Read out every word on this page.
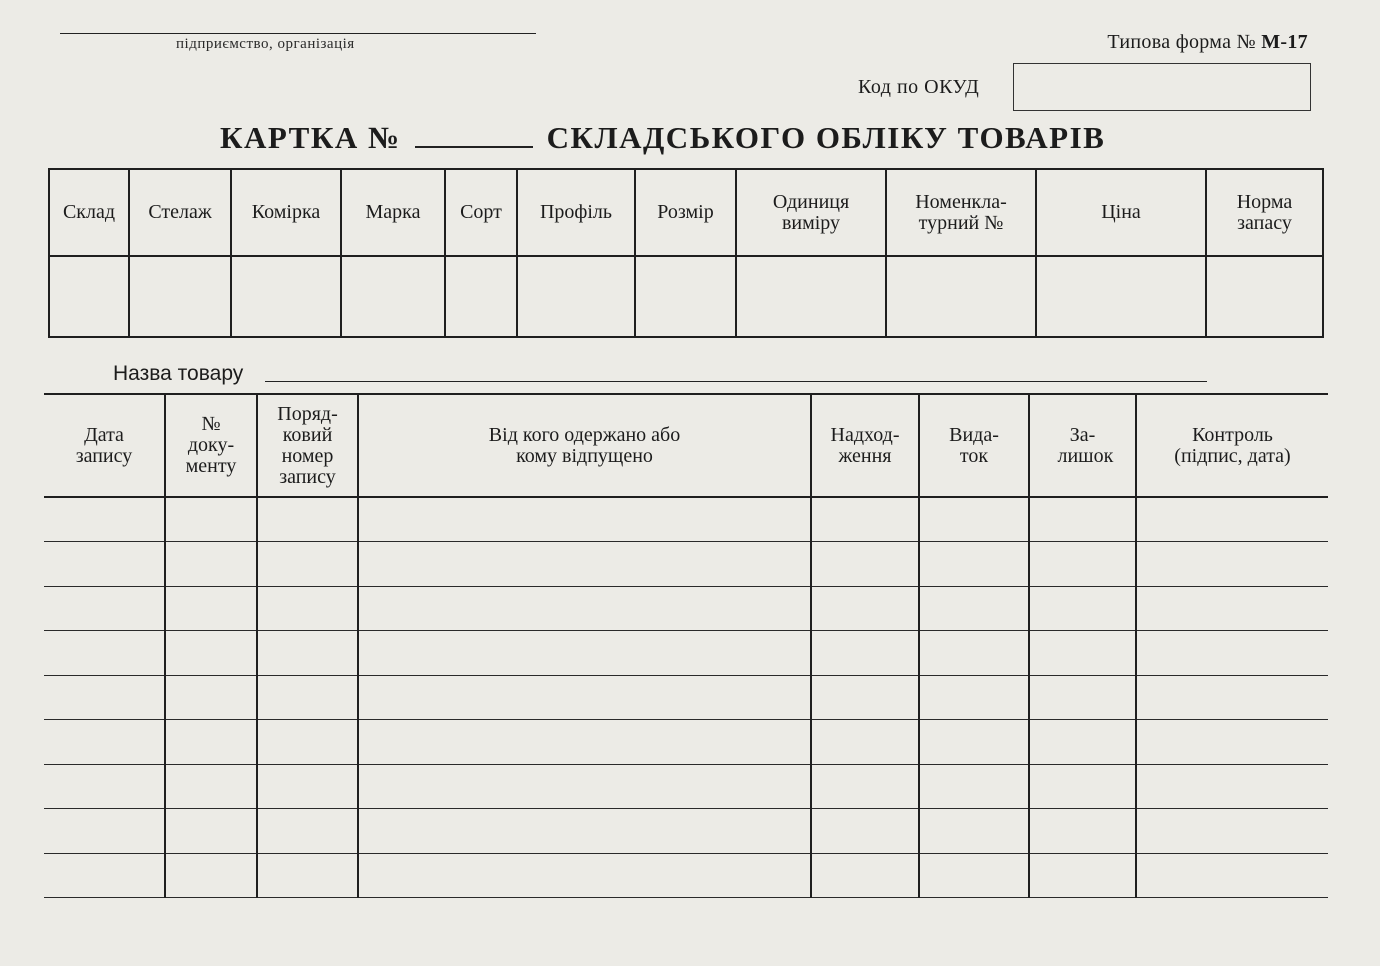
підприємство, організація	Типова форма № М-17
Код по ОКУД
КАРТКА №	СКЛАДСЬКОГО ОБЛІКУ ТОВАРІВ
Склад	Стелаж	Комірка	Марка	Сорт	Профіль	Розмір	Одиниця виміру	Номенкла-турний №	Ціна	Норма запасу

Назва товару
Дата запису	№ доку-менту	Поряд-ковий номер запису	Від кого одержано або кому відпущено	Надход-ження	Вида-ток	За-лишок	Контроль (підпис, дата)
